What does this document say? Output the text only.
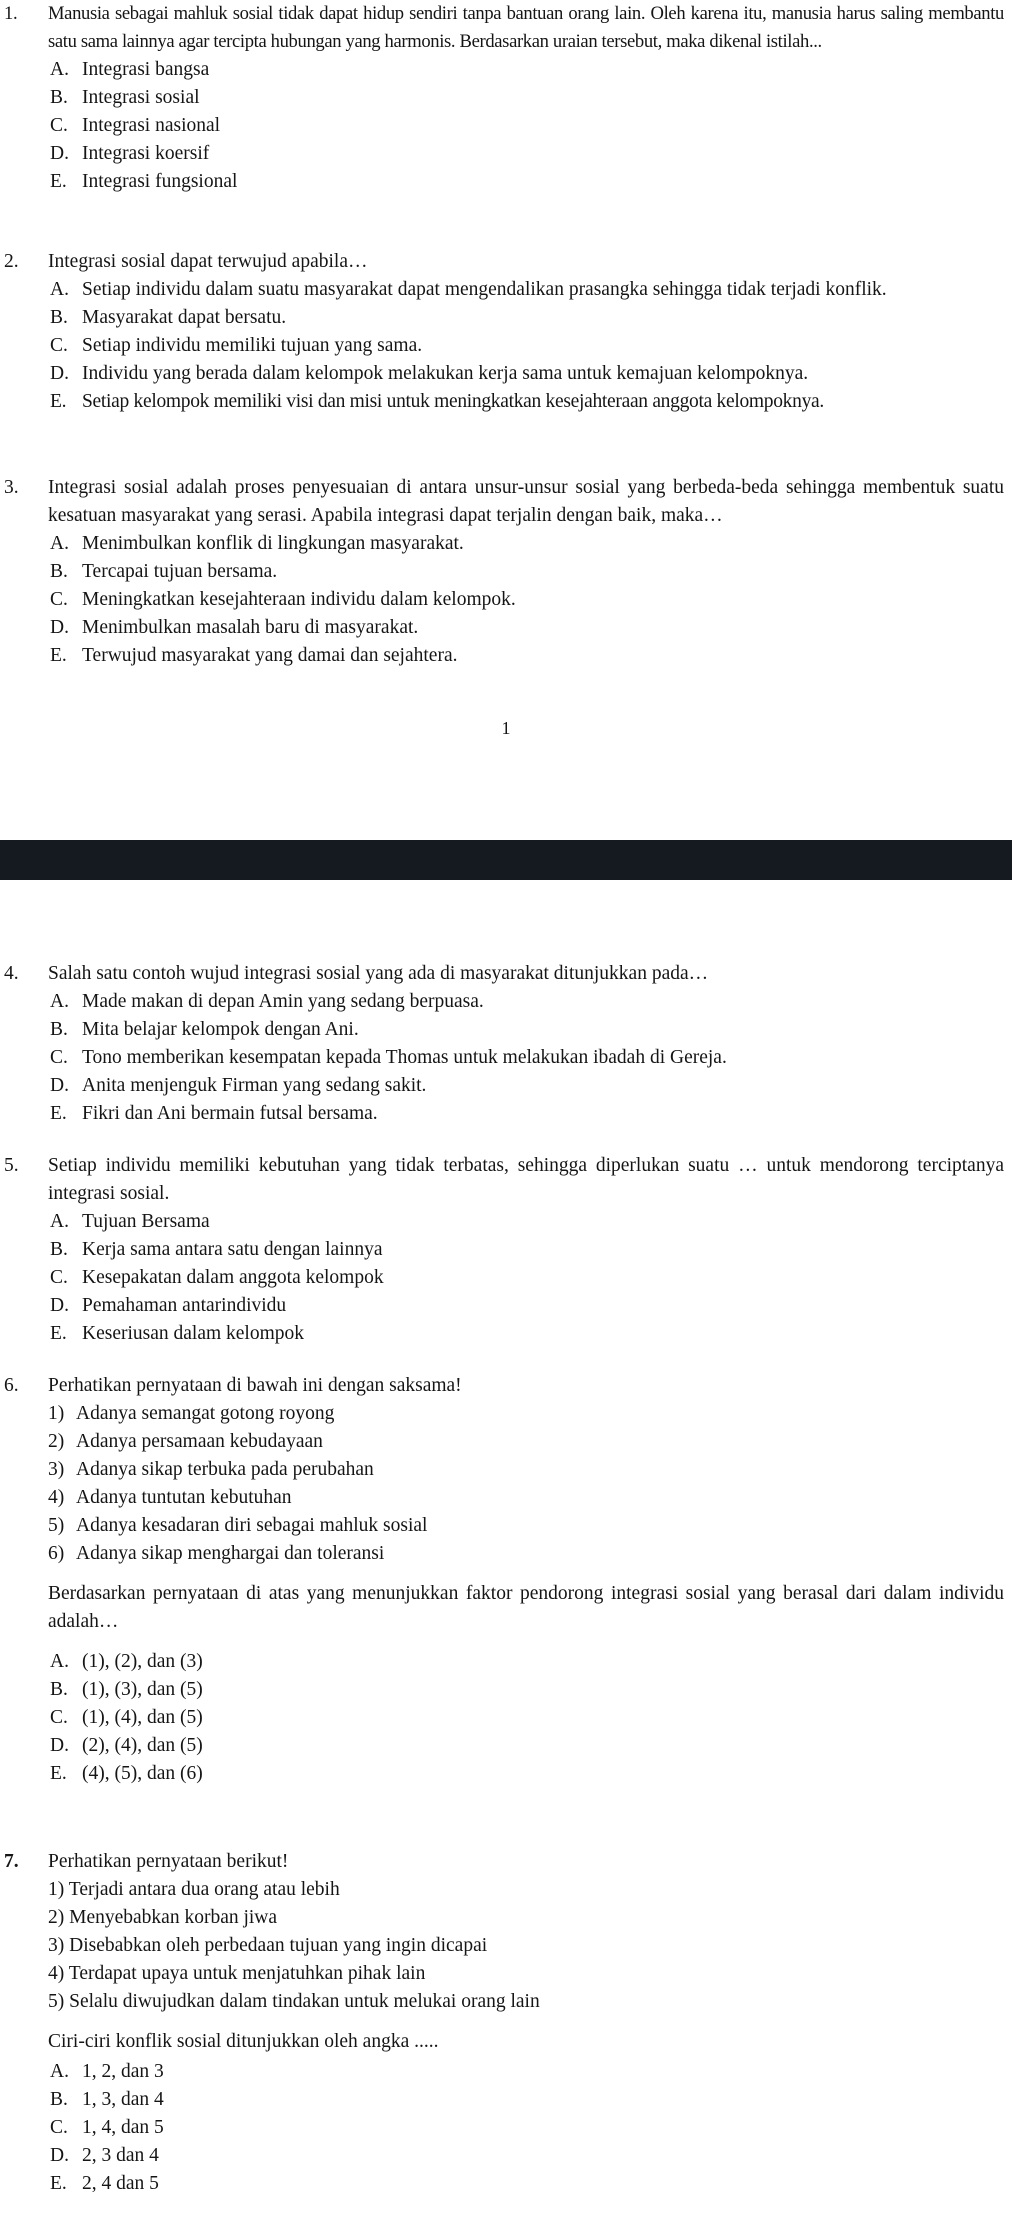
1.	Manusia sebagai mahluk sosial tidak dapat hidup sendiri tanpa bantuan orang lain. Oleh karena itu, manusia harus saling membantu satu sama lainnya agar tercipta hubungan yang harmonis. Berdasarkan uraian tersebut, maka dikenal istilah...
A. Integrasi bangsa
B. Integrasi sosial
C. Integrasi nasional
D. Integrasi koersif
E. Integrasi fungsional
2.	Integrasi sosial dapat terwujud apabila…
A. Setiap individu dalam suatu masyarakat dapat mengendalikan prasangka sehingga tidak terjadi konflik.
B. Masyarakat dapat bersatu.
C. Setiap individu memiliki tujuan yang sama.
D. Individu yang berada dalam kelompok melakukan kerja sama untuk kemajuan kelompoknya.
E. Setiap kelompok memiliki visi dan misi untuk meningkatkan kesejahteraan anggota kelompoknya.
3.	Integrasi sosial adalah proses penyesuaian di antara unsur-unsur sosial yang berbeda-beda sehingga membentuk suatu kesatuan masyarakat yang serasi. Apabila integrasi dapat terjalin dengan baik, maka…
A. Menimbulkan konflik di lingkungan masyarakat.
B. Tercapai tujuan bersama.
C. Meningkatkan kesejahteraan individu dalam kelompok.
D. Menimbulkan masalah baru di masyarakat.
E. Terwujud masyarakat yang damai dan sejahtera.
1
4.	Salah satu contoh wujud integrasi sosial yang ada di masyarakat ditunjukkan pada…
A. Made makan di depan Amin yang sedang berpuasa.
B. Mita belajar kelompok dengan Ani.
C. Tono memberikan kesempatan kepada Thomas untuk melakukan ibadah di Gereja.
D. Anita menjenguk Firman yang sedang sakit.
E. Fikri dan Ani bermain futsal bersama.
5.	Setiap individu memiliki kebutuhan yang tidak terbatas, sehingga diperlukan suatu … untuk mendorong terciptanya integrasi sosial.
A. Tujuan Bersama
B. Kerja sama antara satu dengan lainnya
C. Kesepakatan dalam anggota kelompok
D. Pemahaman antarindividu
E. Keseriusan dalam kelompok
6.	Perhatikan pernyataan di bawah ini dengan saksama!
1) Adanya semangat gotong royong
2) Adanya persamaan kebudayaan
3) Adanya sikap terbuka pada perubahan
4) Adanya tuntutan kebutuhan
5) Adanya kesadaran diri sebagai mahluk sosial
6) Adanya sikap menghargai dan toleransi
Berdasarkan pernyataan di atas yang menunjukkan faktor pendorong integrasi sosial yang berasal dari dalam individu adalah…
A. (1), (2), dan (3)
B. (1), (3), dan (5)
C. (1), (4), dan (5)
D. (2), (4), dan (5)
E. (4), (5), dan (6)
7.	Perhatikan pernyataan berikut!
1) Terjadi antara dua orang atau lebih
2) Menyebabkan korban jiwa
3) Disebabkan oleh perbedaan tujuan yang ingin dicapai
4) Terdapat upaya untuk menjatuhkan pihak lain
5) Selalu diwujudkan dalam tindakan untuk melukai orang lain
Ciri-ciri konflik sosial ditunjukkan oleh angka .....
A. 1, 2, dan 3
B. 1, 3, dan 4
C. 1, 4, dan 5
D. 2, 3 dan 4
E. 2, 4 dan 5
